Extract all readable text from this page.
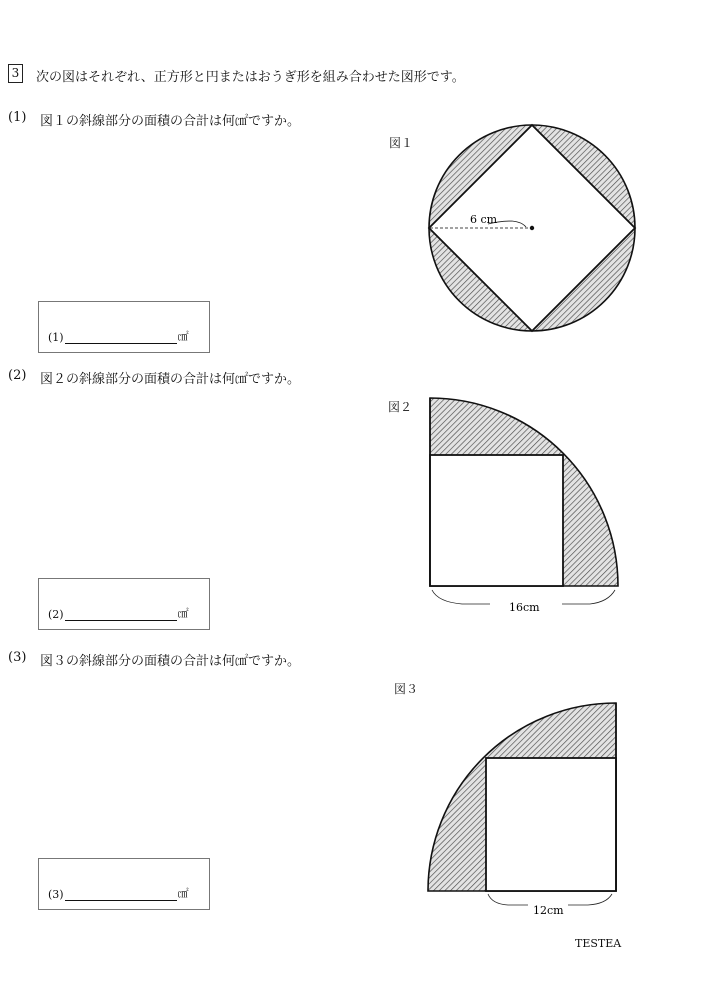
3 次の図はそれぞれ、正方形と円またはおうぎ形を組み合わせた図形です。
(1) 図１の斜線部分の面積の合計は何㎠ですか。
図１
(1)	㎠
(2) 図２の斜線部分の面積の合計は何㎠ですか。
図２
(2)	㎠
(3) 図３の斜線部分の面積の合計は何㎠ですか。
図３
(3)	㎠
6 cm
16cm
12cm
TESTEA
